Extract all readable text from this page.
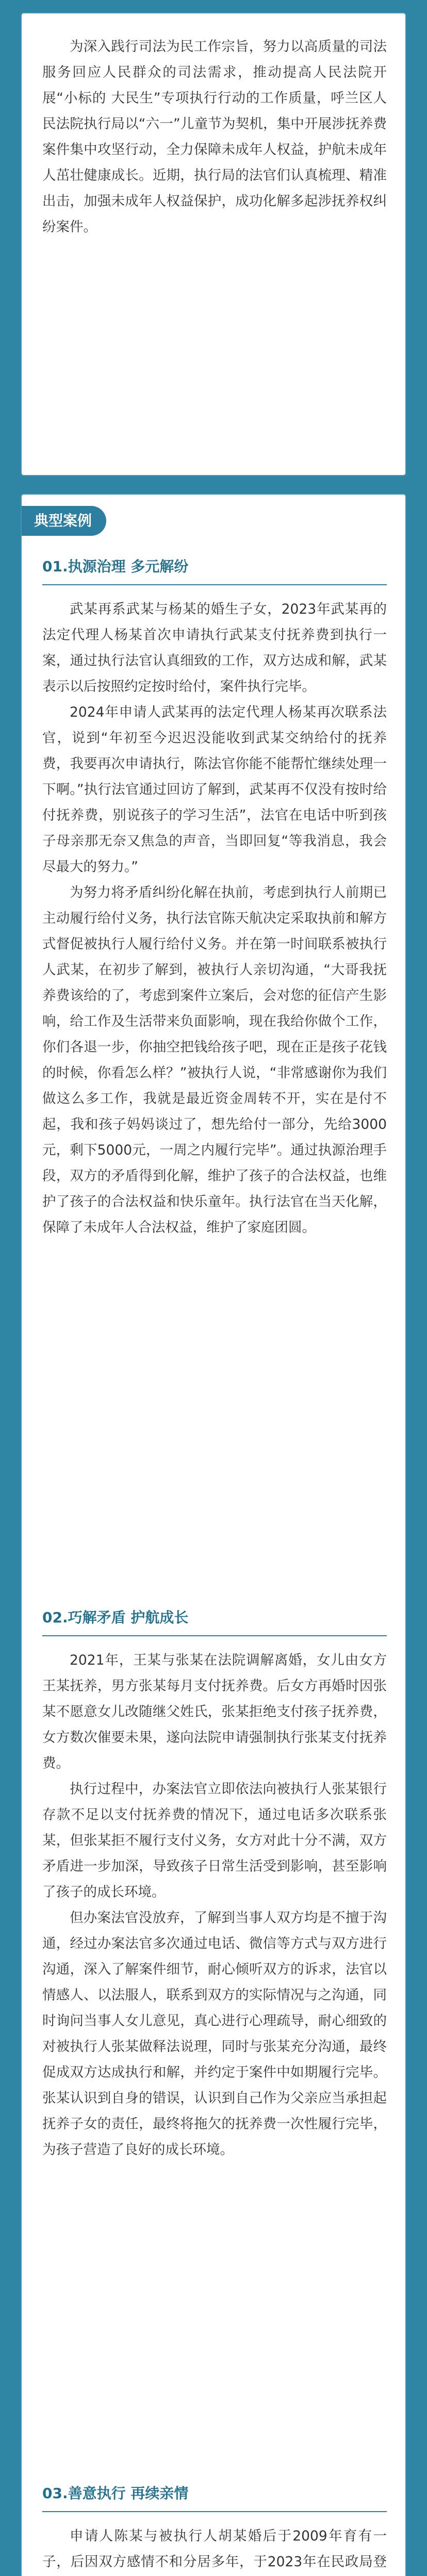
为深入践行司法为民工作宗旨，努力以高质量的司法服务回应人民群众的司法需求，推动提高人民法院开展“小标的 大民生”专项执行行动的工作质量，呼兰区人民法院执行局以“六一”儿童节为契机，集中开展涉抚养费案件集中攻坚行动，全力保障未成年人权益，护航未成年人茁壮健康成长。近期，执行局的法官们认真梳理、精准出击，加强未成年人权益保护，成功化解多起涉抚养权纠纷案件。

典型案例
01.执源治理 多元解纷

武某再系武某与杨某的婚生子女，2023年武某再的法定代理人杨某首次申请执行武某支付抚养费到执行一案，通过执行法官认真细致的工作，双方达成和解，武某表示以后按照约定按时给付，案件执行完毕。

2024年申请人武某再的法定代理人杨某再次联系法官，说到“年初至今迟迟没能收到武某交纳给付的抚养费，我要再次申请执行，陈法官你能不能帮忙继续处理一下啊。”执行法官通过回访了解到，武某再不仅没有按时给付抚养费，别说孩子的学习生活”，法官在电话中听到孩子母亲那无奈又焦急的声音，当即回复“等我消息，我会尽最大的努力。”

为努力将矛盾纠纷化解在执前，考虑到执行人前期已主动履行给付义务，执行法官陈天航决定采取执前和解方式督促被执行人履行给付义务。并在第一时间联系被执行人武某，在初步了解到，被执行人亲切沟通，“大哥我抚养费该给的了，考虑到案件立案后，会对您的征信产生影响，给工作及生活带来负面影响，现在我给你做个工作，你们各退一步，你抽空把钱给孩子吧，现在正是孩子花钱的时候，你看怎么样？”被执行人说，“非常感谢你为我们做这么多工作，我就是最近资金周转不开，实在是付不起，我和孩子妈妈谈过了，想先给付一部分，先给3000元，剩下5000元，一周之内履行完毕”。通过执源治理手段，双方的矛盾得到化解，维护了孩子的合法权益，也维护了孩子的合法权益和快乐童年。执行法官在当天化解，保障了未成年人合法权益，维护了家庭团圆。

02.巧解矛盾 护航成长

2021年，王某与张某在法院调解离婚，女儿由女方王某抚养，男方张某每月支付抚养费。后女方再婚时因张某不愿意女儿改随继父姓氏，张某拒绝支付孩子抚养费，女方数次催要未果，遂向法院申请强制执行张某支付抚养费。

执行过程中，办案法官立即依法向被执行人张某银行存款不足以支付抚养费的情况下，通过电话多次联系张某，但张某拒不履行支付义务，女方对此十分不满，双方矛盾进一步加深，导致孩子日常生活受到影响，甚至影响了孩子的成长环境。

但办案法官没放弃，了解到当事人双方均是不擅于沟通，经过办案法官多次通过电话、微信等方式与双方进行沟通，深入了解案件细节，耐心倾听双方的诉求，法官以情感人、以法服人，联系到双方的实际情况与之沟通，同时询问当事人女儿意见，真心进行心理疏导，耐心细致的对被执行人张某做释法说理，同时与张某充分沟通，最终促成双方达成执行和解，并约定于案件中如期履行完毕。张某认识到自身的错误，认识到自己作为父亲应当承担起抚养子女的责任，最终将拖欠的抚养费一次性履行完毕，为孩子营造了良好的成长环境。

03.善意执行 再续亲情

申请人陈某与被执行人胡某婚后于2009年育有一子，后因双方感情不和分居多年，于2023年在民政局登
